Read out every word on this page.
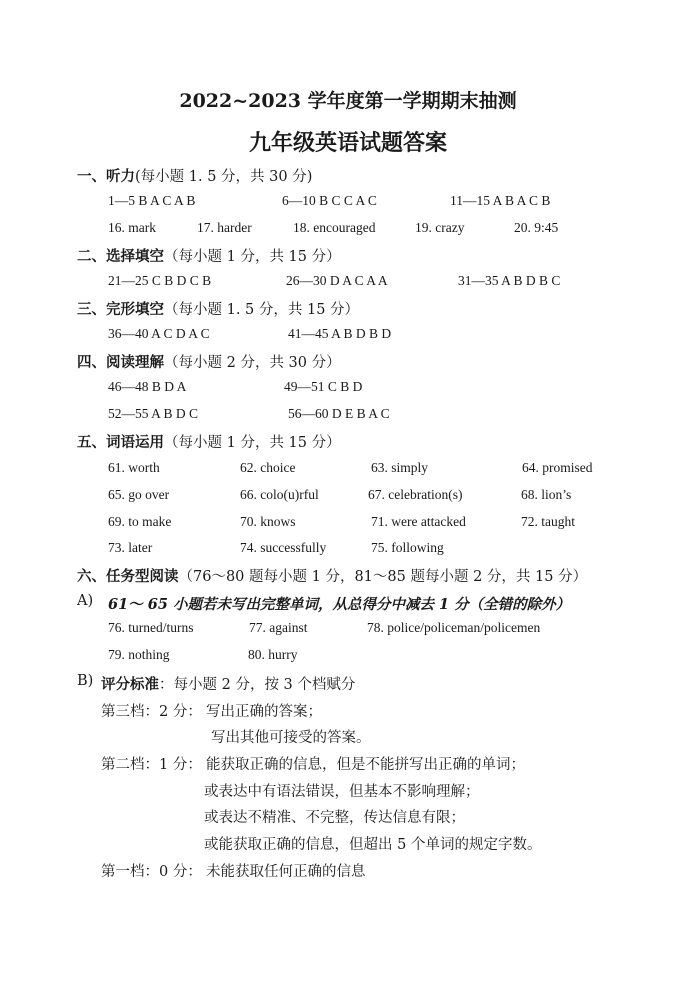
2022~2023 学年度第一学期期末抽测
九年级英语试题答案
一、听力(每小题 1. 5 分，共 30 分)
1—5 B A C A B	6—10 B C C A C	11—15 A B A C B
16. mark	17. harder	18. encouraged	19. crazy	20. 9:45
二、选择填空（每小题 1 分，共 15 分）
21—25 C B D C B	26—30 D A C A A	31—35 A B D B C
三、完形填空（每小题 1. 5 分，共 15 分）
36—40 A C D A C	41—45 A B D B D
四、阅读理解（每小题 2 分，共 30 分）
46—48 B D A	49—51 C B D
52—55 A B D C	56—60 D E B A C
五、词语运用（每小题 1 分，共 15 分）
61. worth	62. choice	63. simply	64. promised
65. go over	66. colo(u)rful	67. celebration(s)	68. lion’s
69. to make	70. knows	71. were attacked	72. taught
73. later	74. successfully	75. following
六、任务型阅读（76～80 题每小题 1 分，81～85 题每小题 2 分，共 15 分）
A) 61～ 65 小题若未写出完整单词，从总得分中减去 1 分（全错的除外）
76. turned/turns	77. against	78. police/policeman/policemen
79. nothing	80. hurry
B) 评分标准：每小题 2 分，按 3 个档赋分
第三档：2 分： 写出正确的答案；
写出其他可接受的答案。
第二档：1 分： 能获取正确的信息，但是不能拼写出正确的单词；
或表达中有语法错误，但基本不影响理解；
或表达不精准、不完整，传达信息有限；
或能获取正确的信息，但超出 5 个单词的规定字数。
第一档：0 分： 未能获取任何正确的信息
